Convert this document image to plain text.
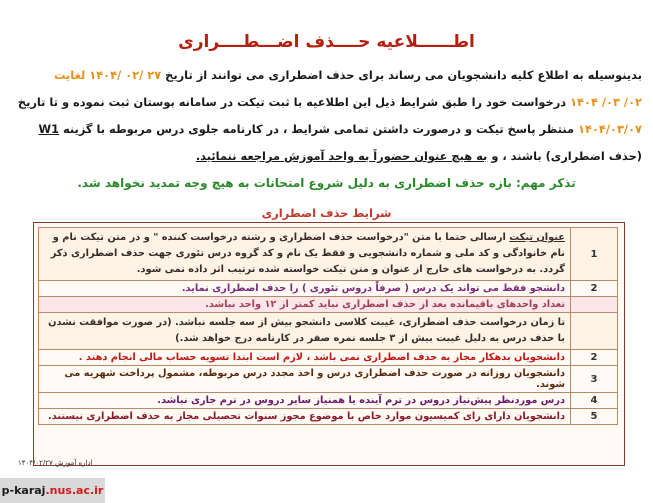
اطــــــلاعیه حــــذف اضـــطــــراری
بدینوسیله به اطلاع کلیه دانشجویان می رساند برای حذف اضطراری می توانند از تاریخ ۲۷ /۰۲ /۱۴۰۴ لغایت
۰۲/ ۰۳/ ۱۴۰۴ درخواست خود را طبق شرایط ذیل این اطلاعیه با ثبت تیکت در سامانه بوستان ثبت نموده و تا تاریخ
۱۴۰۴/۰۳/۰۷ منتظر پاسخ تیکت و درصورت داشتن تمامی شرایط ، در کارنامه جلوی درس مربوطه با گزینه W1
(حذف اضطراری) باشند ، و به هیچ عنوان حضوراً به واحد آموزش مراجعه ننمائید.
تذکر مهم: بازه حذف اضطراری به دلیل شروع امتحانات به هیچ وجه تمدید نخواهد شد.
شرایط حذف اضطراری
1	عنوان تیکت ارسالی حتما با متن "درخواست حذف اضطراری و رشته درخواست کننده " و در متن تیکت نام و نام خانوادگی و کد ملی و شماره دانشجویی و فقط یک نام و کد گروه درس تئوری جهت حذف اضطراری ذکر گردد. به درخواست های خارج از عنوان و متن تیکت خواسته شده ترتیب اثر داده نمی شود.
2	دانشجو فقط می تواند یک درس ( صرفاً دروس تئوری ) را حذف اضطراری نماید.
	تعداد واحدهای باقیمانده بعد از حذف اضطراری نباید کمتر از ۱۲ واحد نباشد.
	تا زمان درخواست حذف اضطراری، غیبت کلاسی دانشجو بیش از سه جلسه نباشد. (در صورت موافقت نشدن با حذف درس به دلیل غیبت بیش از ۳ جلسه نمره صفر در کارنامه درج خواهد شد.)
2	دانشجویان بدهکار مجاز به حذف اضطراری نمی باشد ، لازم است ابتدا تسویه حساب مالی انجام دهند .
3	دانشجویان روزانه در صورت حذف اضطراری درس و اخذ مجدد درس مربوطه، مشمول پرداخت شهریه می شوند.
4	درس موردنظر پیش‌نیاز دروس در ترم آینده یا همنیاز سایر دروس در ترم جاری نباشد.
5	دانشجویان دارای رای کمیسیون موارد خاص با موضوع مجوز سنوات تحصیلی مجاز به حذف اضطراری نیستند.
اداره آموزش ۱۴۰۴/۰۲/۲۷
p-karaj.nus.ac.ir
